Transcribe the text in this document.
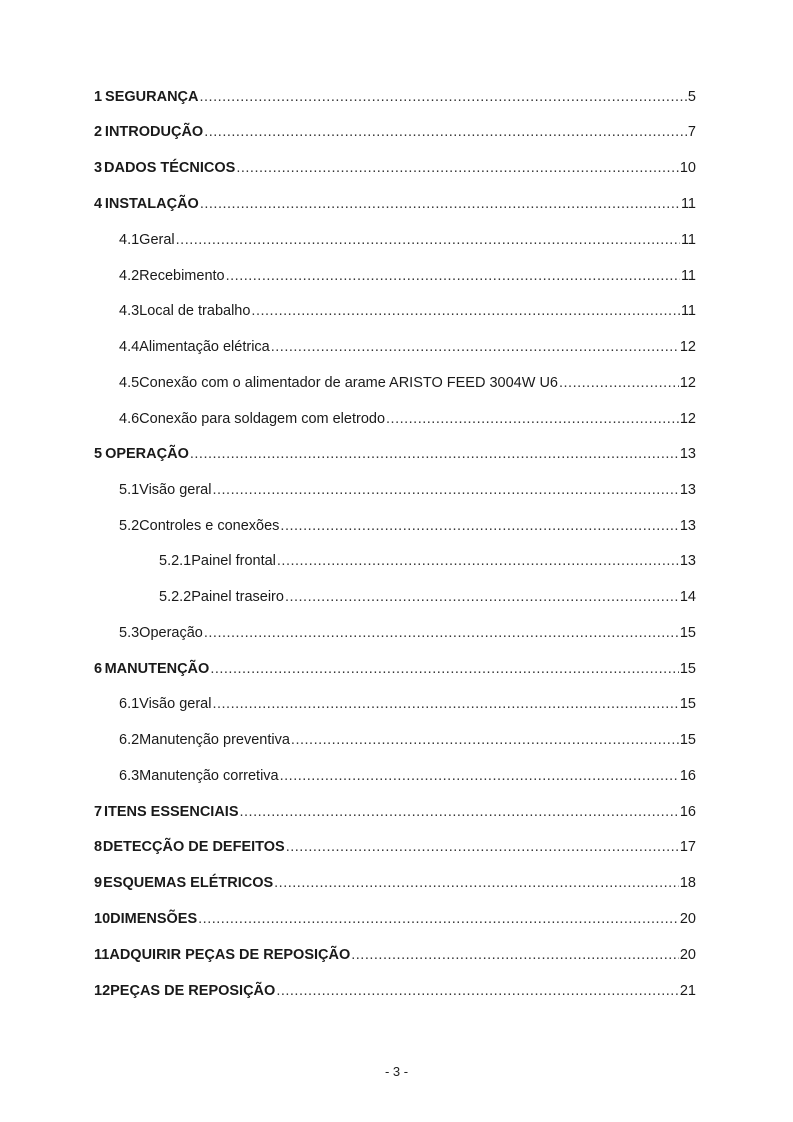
1 SEGURANÇA .....	5
2 INTRODUÇÃO .....	7
3 DADOS TÉCNICOS .....	10
4 INSTALAÇÃO .....	11
4.1 Geral .....	11
4.2 Recebimento .....	11
4.3 Local de trabalho .....	11
4.4 Alimentação elétrica .....	12
4.5 Conexão com o alimentador de arame ARISTO FEED 3004W U6 .....	12
4.6 Conexão para soldagem com eletrodo .....	12
5 OPERAÇÃO .....	13
5.1 Visão geral .....	13
5.2 Controles e conexões .....	13
5.2.1 Painel frontal .....	13
5.2.2 Painel traseiro .....	14
5.3 Operação .....	15
6 MANUTENÇÃO .....	15
6.1 Visão geral .....	15
6.2 Manutenção preventiva .....	15
6.3 Manutenção corretiva .....	16
7 ITENS ESSENCIAIS .....	16
8 DETECÇÃO DE DEFEITOS .....	17
9 ESQUEMAS ELÉTRICOS .....	18
10 DIMENSÕES .....	20
11 ADQUIRIR PEÇAS DE REPOSIÇÃO .....	20
12 PEÇAS DE REPOSIÇÃO .....	21
- 3 -
